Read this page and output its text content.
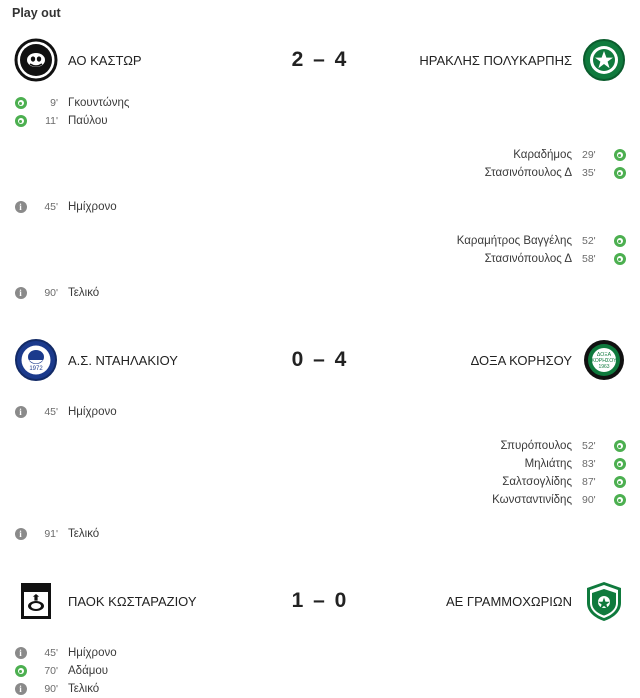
Play out
ΑΟ ΚΑΣΤΩΡ	2 – 4	ΗΡΑΚΛΗΣ ΠΟΛΥΚΑΡΠΗΣ
9' Γκουντώνης
11' Παύλου
Καραδήμος 29'
Στασινόπουλος Δ 35'
i	45' Ημίχρονο
Καραμήτρος Βαγγέλης 52'
Στασινόπουλος Δ 58'
i	90' Τελικό
1972
Α.Σ. ΝΤΑΗΛΑΚΙΟΥ	0 – 4	ΔΟΞΑ ΚΟΡΗΣΟΥ	ΔΟΞΑ
ΚΟΡΗΣΟΥ
1963
i	45' Ημίχρονο
Σπυρόπουλος 52'
Μηλιάτης 83'
Σαλτσογλίδης 87'
Κωνσταντινίδης 90'
i	91' Τελικό
ΠΑΟΚ ΚΩΣΤΑΡΑΖΙΟΥ	1 – 0	ΑΕ ΓΡΑΜΜΟΧΩΡΙΩΝ
i	45' Ημίχρονο
70' Αδάμου
i	90' Τελικό
